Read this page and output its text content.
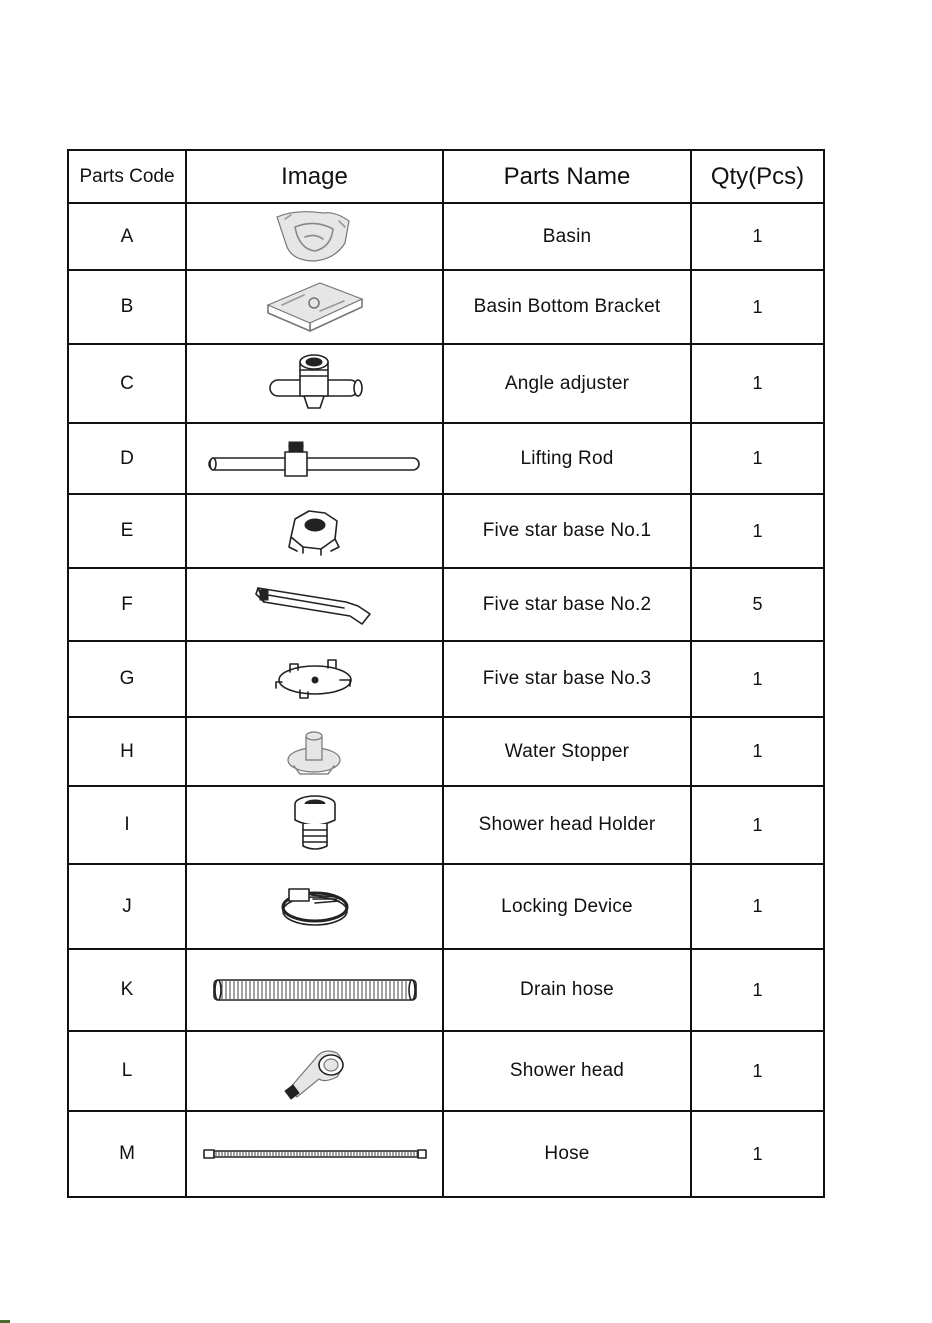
Parts Code	Image	Parts Name	Qty(Pcs)
A		Basin	1
B		Basin Bottom Bracket	1
C		Angle adjuster	1
D		Lifting Rod	1
E		Five star base No.1	1
F		Five star base No.2	5
G		Five star base No.3	1
H		Water Stopper	1
I		Shower head Holder	1
J		Locking Device	1
K		Drain hose	1
L		Shower head	1
M		Hose	1
